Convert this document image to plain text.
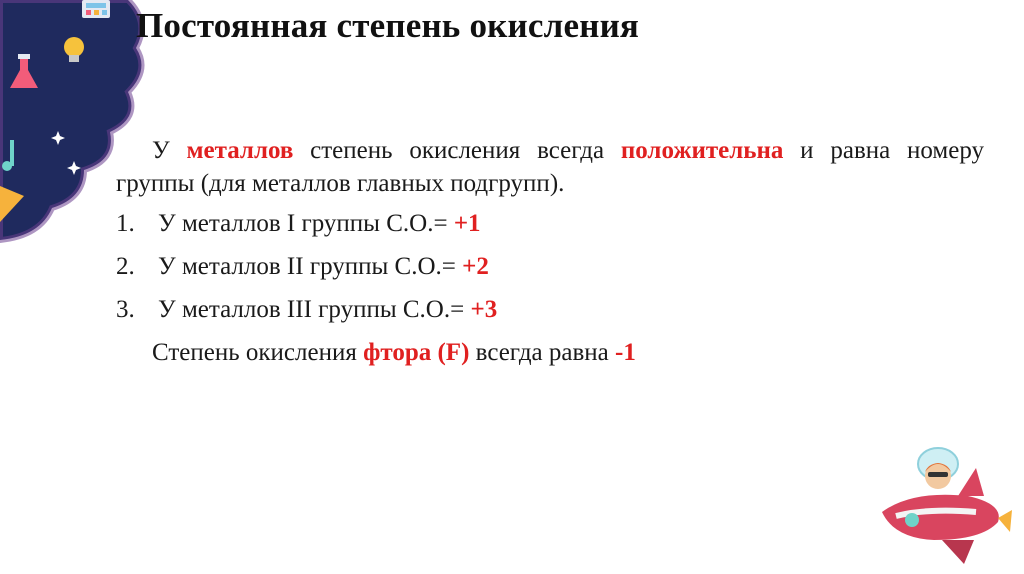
Постоянная степень окисления

У металлов степень окисления всегда положительна и равна номеру группы (для металлов главных подгрупп).

1. У металлов I группы С.О.= +1
2. У металлов II группы С.О.= +2
3. У металлов III группы С.О.= +3

Степень окисления фтора (F) всегда равна -1
